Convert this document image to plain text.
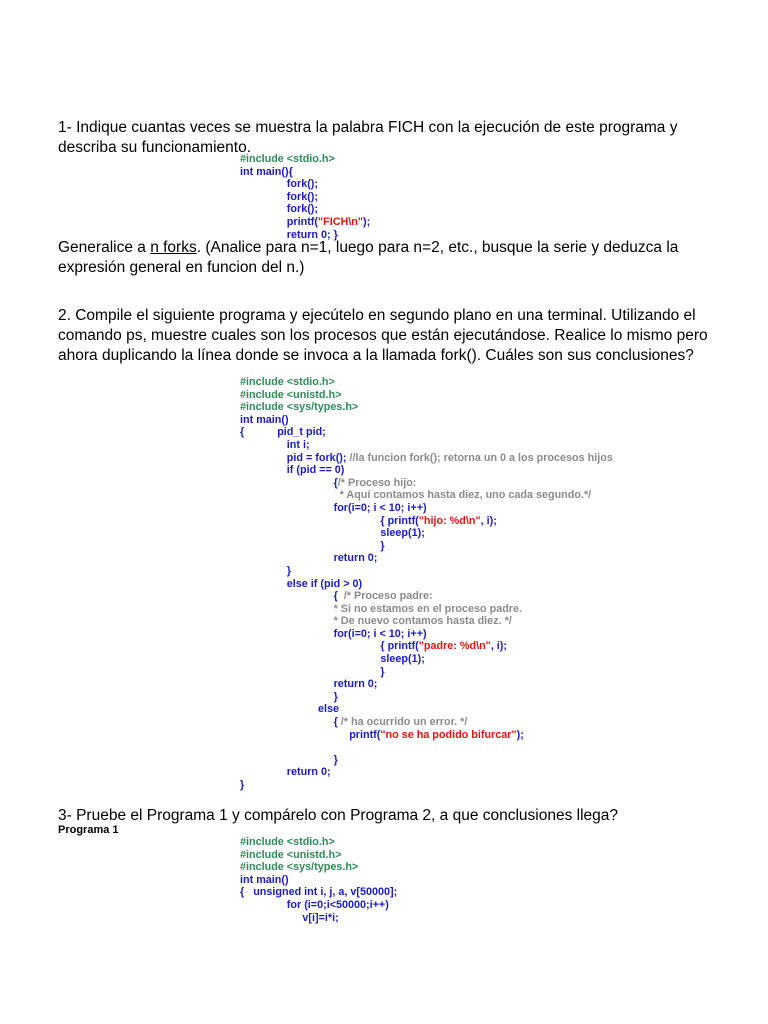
1- Indique cuantas veces se muestra la palabra FICH con la ejecución de este programa y describa su funcionamiento.
#include <stdio.h>
int main(){
fork();
fork();
fork();
printf("FICH\n");
return 0; }
Generalice a n forks. (Analice para n=1, luego para n=2, etc., busque la serie y deduzca la expresión general en funcion del n.)
2. Compile el siguiente programa y ejecútelo en segundo plano en una terminal. Utilizando el comando ps, muestre cuales son los procesos que están ejecutándose. Realice lo mismo pero ahora duplicando la línea donde se invoca a la llamada fork(). Cuáles son sus conclusiones?
#include <stdio.h>
#include <unistd.h>
#include <sys/types.h>
int main()
{           pid_t pid;
int i;
pid = fork(); //la funcion fork(); retorna un 0 a los procesos hijos
if (pid == 0)
{/* Proceso hijo:
* Aquí contamos hasta diez, uno cada segundo.*/
for(i=0; i < 10; i++)
{ printf("hijo: %d\n", i);
sleep(1);
}
return 0;
}
else if (pid > 0)
{  /* Proceso padre:
* Si no estamos en el proceso padre.
* De nuevo contamos hasta diez. */
for(i=0; i < 10; i++)
{ printf("padre: %d\n", i);
sleep(1);
}
return 0;
}
else
{ /* ha ocurrido un error. */
printf("no se ha podido bifurcar");

}
return 0;
}
3- Pruebe el Programa 1 y compárelo con Programa 2, a que conclusiones llega?
Programa 1
#include <stdio.h>
#include <unistd.h>
#include <sys/types.h>
int main()
{   unsigned int i, j, a, v[50000];
for (i=0;i<50000;i++)
v[i]=i*i;
